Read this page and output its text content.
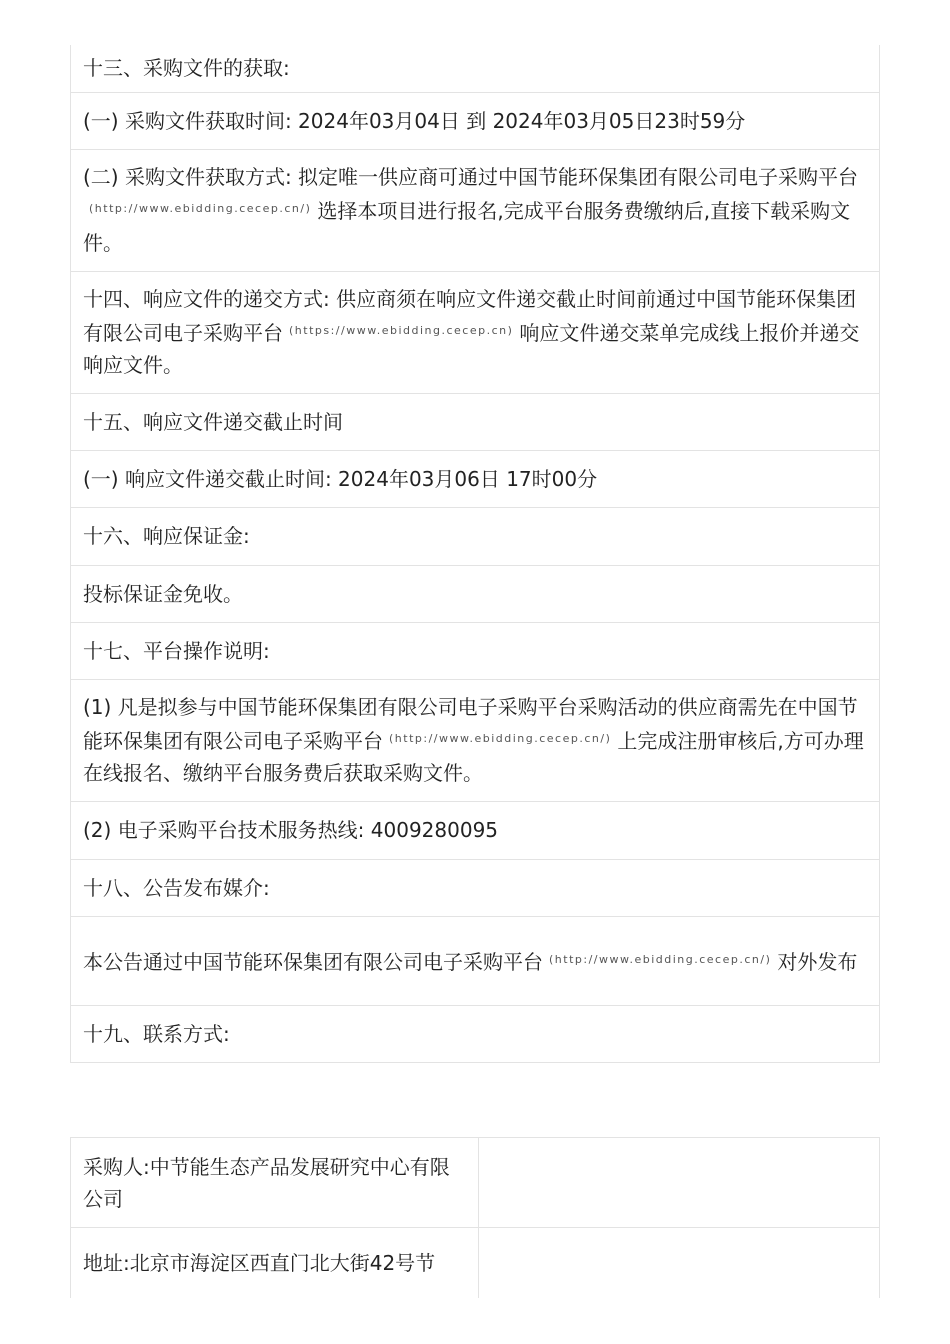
十三、采购文件的获取:
(一) 采购文件获取时间: 2024年03月04日 到 2024年03月05日23时59分
(二) 采购文件获取方式: 拟定唯一供应商可通过中国节能环保集团有限公司电子采购平台$^{(http://www.ebidding.cecep.cn/)}$ 选择本项目进行报名,完成平台服务费缴纳后,直接下载采购文件。
十四、响应文件的递交方式: 供应商须在响应文件递交截止时间前通过中国节能环保集团有限公司电子采购平台 $^{(https://www.ebidding.cecep.cn)}$ 响应文件递交菜单完成线上报价并递交响应文件。
十五、响应文件递交截止时间
(一) 响应文件递交截止时间: 2024年03月06日 17时00分
十六、响应保证金:
投标保证金免收。
十七、平台操作说明:
(1) 凡是拟参与中国节能环保集团有限公司电子采购平台采购活动的供应商需先在中国节能环保集团有限公司电子采购平台 $^{(http://www.ebidding.cecep.cn/)}$ 上完成注册审核后,方可办理在线报名、缴纳平台服务费后获取采购文件。
(2) 电子采购平台技术服务热线: 4009280095
十八、公告发布媒介:
本公告通过中国节能环保集团有限公司电子采购平台 $^{(http://www.ebidding.cecep.cn/)}$ 对外发布
十九、联系方式:
采购人:中节能生态产品发展研究中心有限公司	
地址:北京市海淀区西直门北大街42号节	
